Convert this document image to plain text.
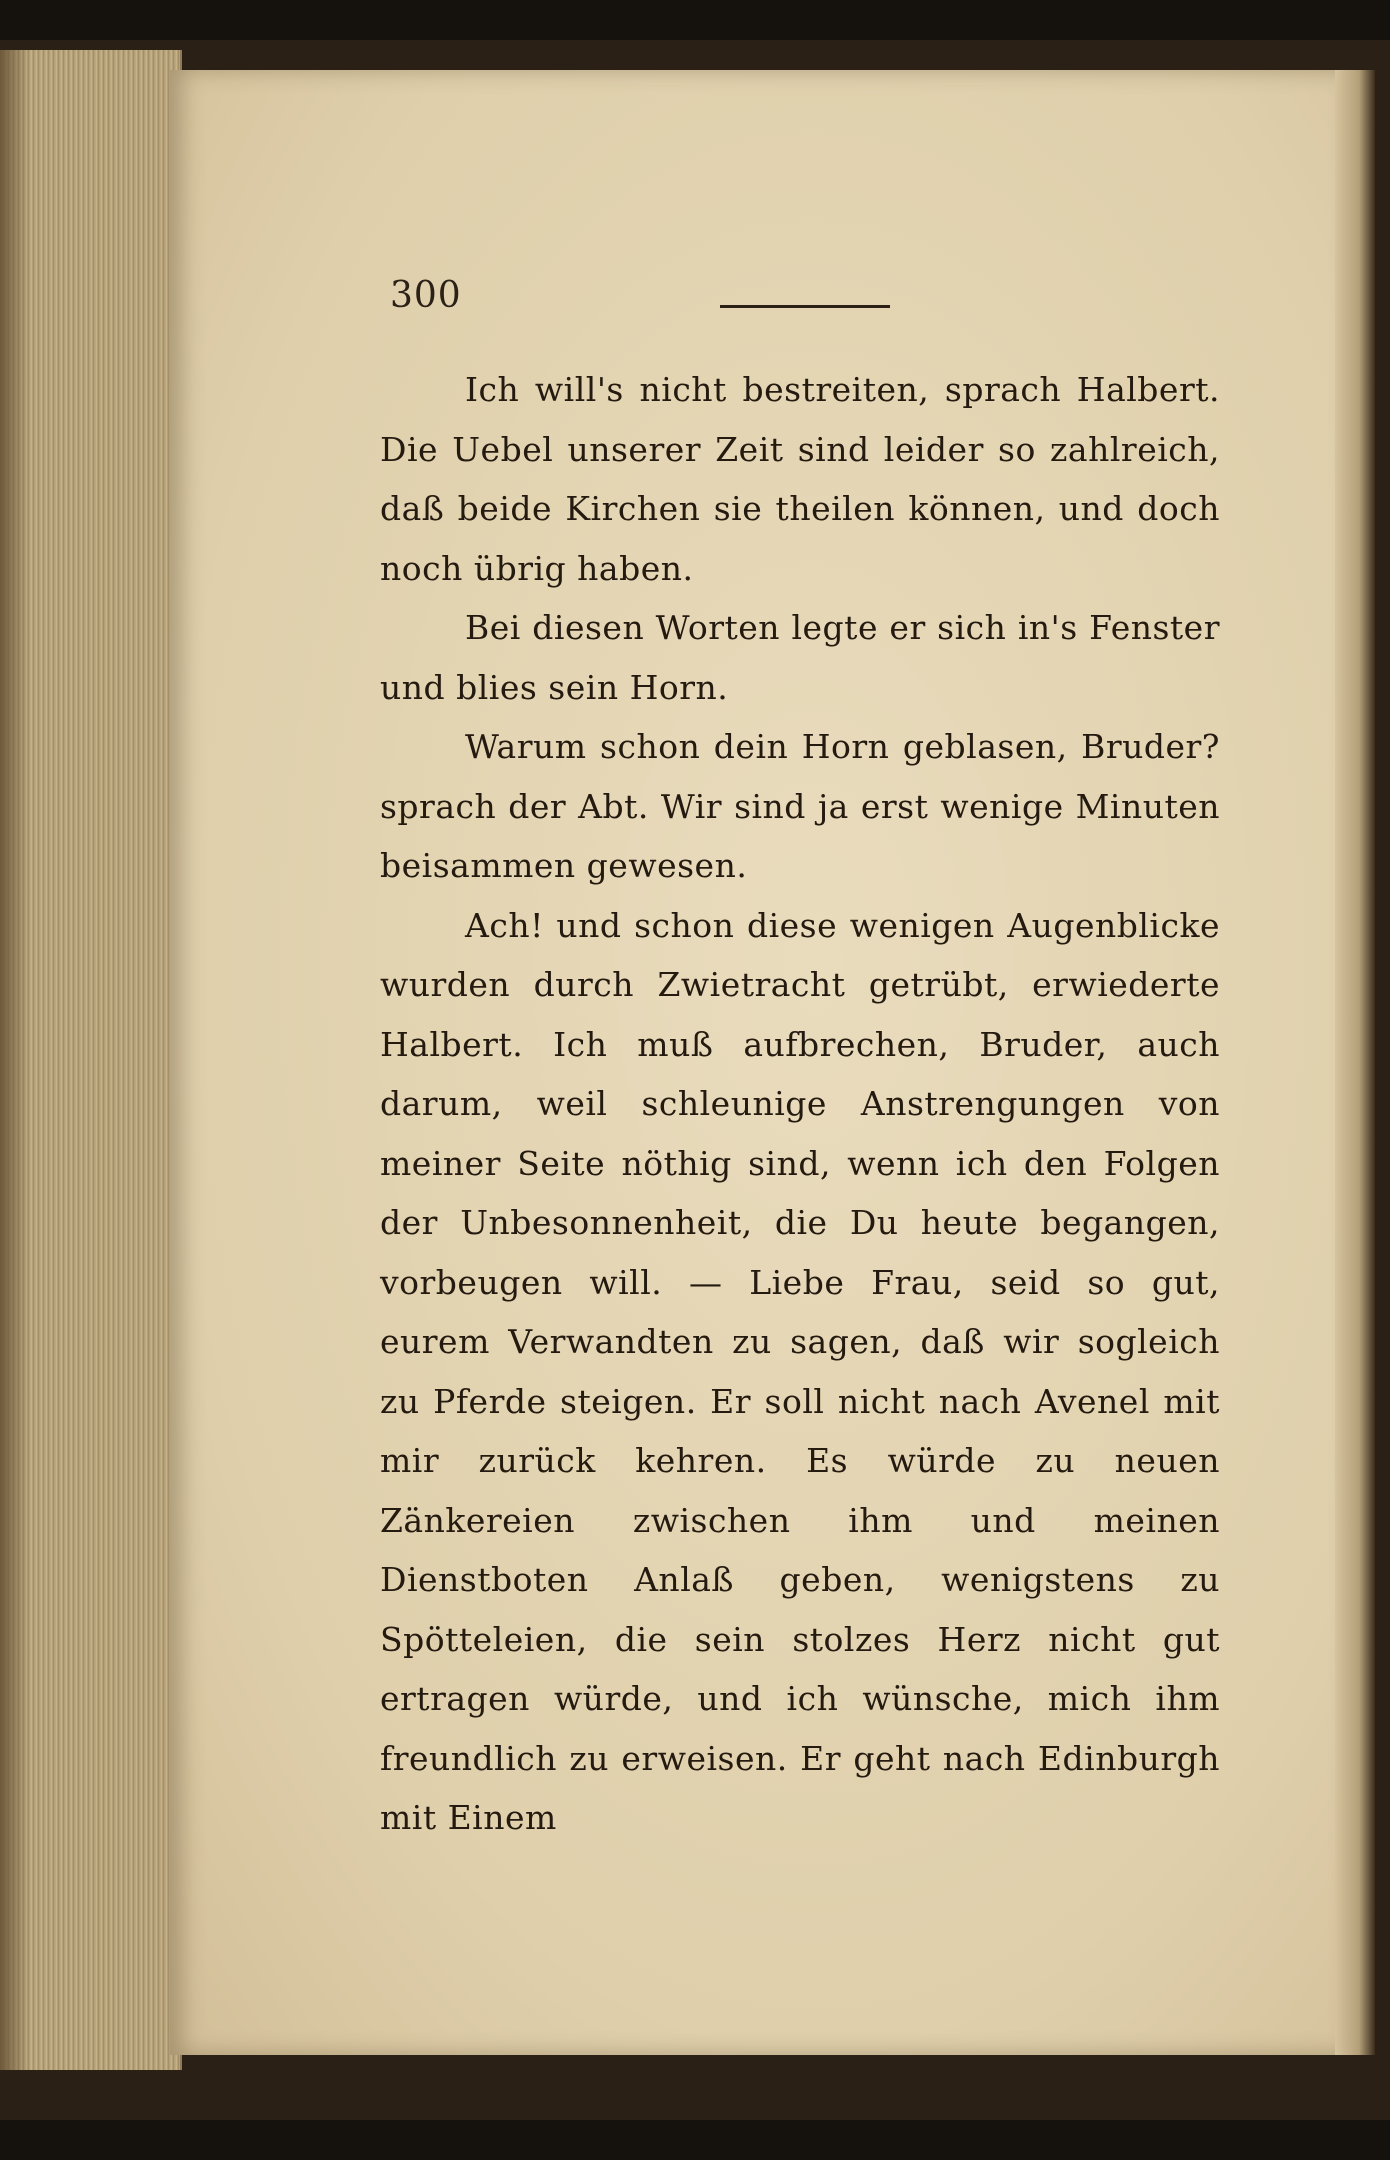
300

Ich will's nicht bestreiten, sprach Halbert. Die Uebel unserer Zeit sind leider so zahlreich, daß beide Kirchen sie theilen können, und doch noch übrig haben.

Bei diesen Worten legte er sich in's Fenster und blies sein Horn.

Warum schon dein Horn geblasen, Bruder? sprach der Abt. Wir sind ja erst wenige Minuten beisammen gewesen.

Ach! und schon diese wenigen Augenblicke wurden durch Zwietracht getrübt, erwiederte Halbert. Ich muß aufbrechen, Bruder, auch darum, weil schleunige Anstrengungen von meiner Seite nöthig sind, wenn ich den Folgen der Unbesonnenheit, die Du heute begangen, vorbeugen will. — Liebe Frau, seid so gut, eurem Verwandten zu sagen, daß wir sogleich zu Pferde steigen. Er soll nicht nach Avenel mit mir zurück kehren. Es würde zu neuen Zänkereien zwischen ihm und meinen Dienstboten Anlaß geben, wenigstens zu Spötteleien, die sein stolzes Herz nicht gut ertragen würde, und ich wünsche, mich ihm freundlich zu erweisen. Er geht nach Edinburgh mit Einem
